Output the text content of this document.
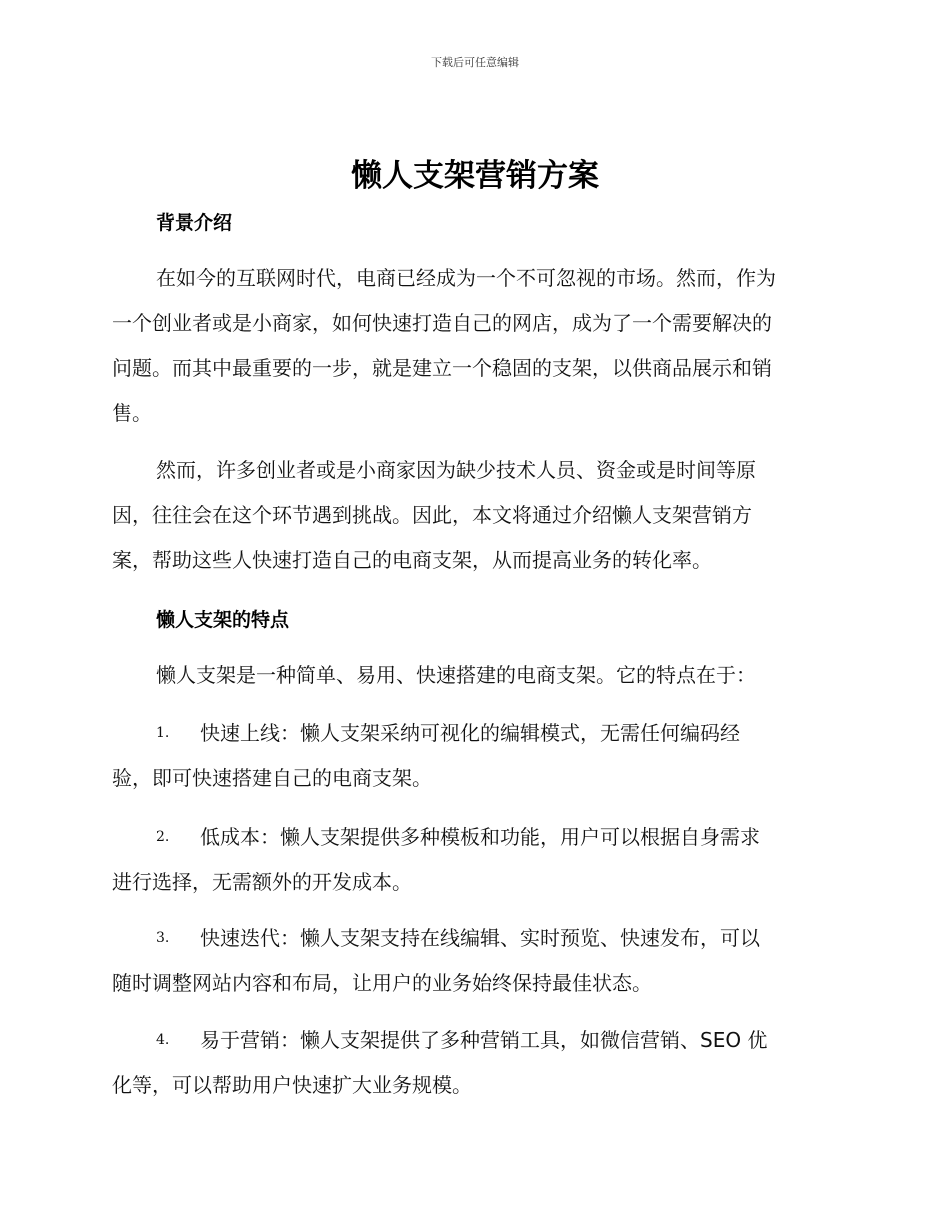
下载后可任意编辑
懒人支架营销方案
背景介绍
在如今的互联网时代，电商已经成为一个不可忽视的市场。然而，作为
一个创业者或是小商家，如何快速打造自己的网店，成为了一个需要解决的
问题。而其中最重要的一步，就是建立一个稳固的支架，以供商品展示和销
售。
然而，许多创业者或是小商家因为缺少技术人员、资金或是时间等原
因，往往会在这个环节遇到挑战。因此，本文将通过介绍懒人支架营销方
案，帮助这些人快速打造自己的电商支架，从而提高业务的转化率。
懒人支架的特点
懒人支架是一种简单、易用、快速搭建的电商支架。它的特点在于：
1. 快速上线：懒人支架采纳可视化的编辑模式，无需任何编码经
验，即可快速搭建自己的电商支架。
2. 低成本：懒人支架提供多种模板和功能，用户可以根据自身需求
进行选择，无需额外的开发成本。
3. 快速迭代：懒人支架支持在线编辑、实时预览、快速发布，可以
随时调整网站内容和布局，让用户的业务始终保持最佳状态。
4. 易于营销：懒人支架提供了多种营销工具，如微信营销、SEO 优
化等，可以帮助用户快速扩大业务规模。
